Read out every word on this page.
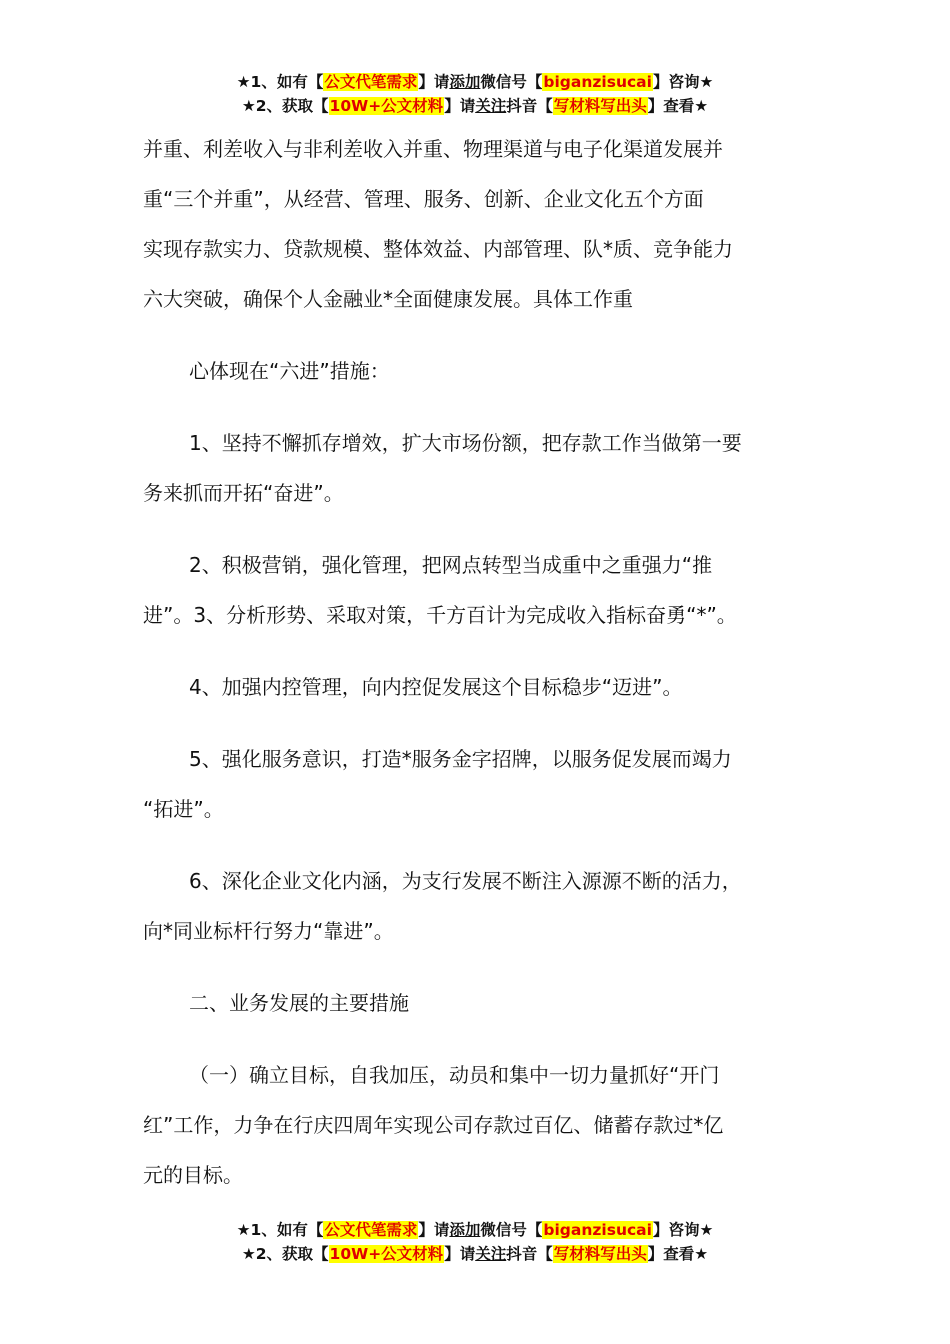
★1、如有【公文代笔需求】请添加微信号【biganzisucai】咨询★
★2、获取【10W+公文材料】请关注抖音【写材料写出头】查看★

并重、利差收入与非利差收入并重、物理渠道与电子化渠道发展并

重“三个并重”，从经营、管理、服务、创新、企业文化五个方面

实现存款实力、贷款规模、整体效益、内部管理、队*质、竞争能力

六大突破，确保个人金融业*全面健康发展。具体工作重

心体现在“六进”措施：

1、坚持不懈抓存增效，扩大市场份额，把存款工作当做第一要

务来抓而开拓“奋进”。

2、积极营销，强化管理，把网点转型当成重中之重强力“推

进”。3、分析形势、采取对策，千方百计为完成收入指标奋勇“*”。

4、加强内控管理，向内控促发展这个目标稳步“迈进”。

5、强化服务意识，打造*服务金字招牌，以服务促发展而竭力

“拓进”。

6、深化企业文化内涵，为支行发展不断注入源源不断的活力，

向*同业标杆行努力“靠进”。

二、业务发展的主要措施

（一）确立目标，自我加压，动员和集中一切力量抓好“开门

红”工作，力争在行庆四周年实现公司存款过百亿、储蓄存款过*亿

元的目标。

★1、如有【公文代笔需求】请添加微信号【biganzisucai】咨询★
★2、获取【10W+公文材料】请关注抖音【写材料写出头】查看★
